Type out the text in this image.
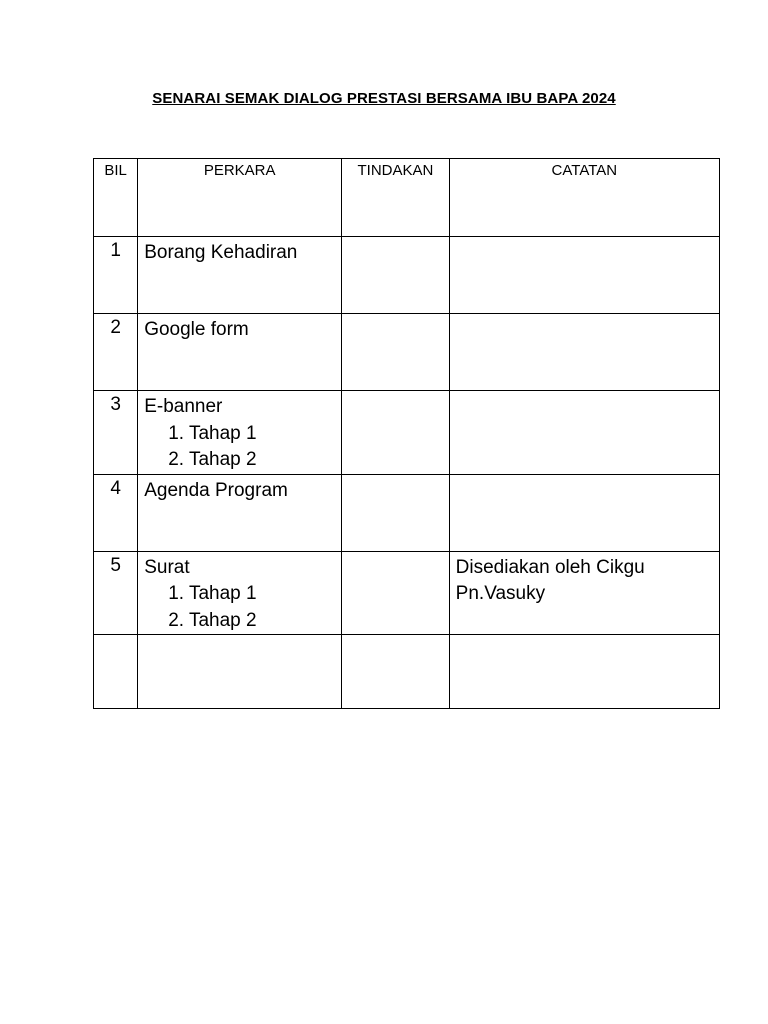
SENARAI SEMAK DIALOG PRESTASI BERSAMA IBU BAPA 2024
BIL	PERKARA	TINDAKAN	CATATAN
1	Borang Kehadiran		
2	Google form		
3	E-banner
1. Tahap 1
2. Tahap 2		

4	Agenda Program		
5	Surat
1. Tahap 1
2. Tahap 2		Disediakan oleh Cikgu
Pn.Vasuky
